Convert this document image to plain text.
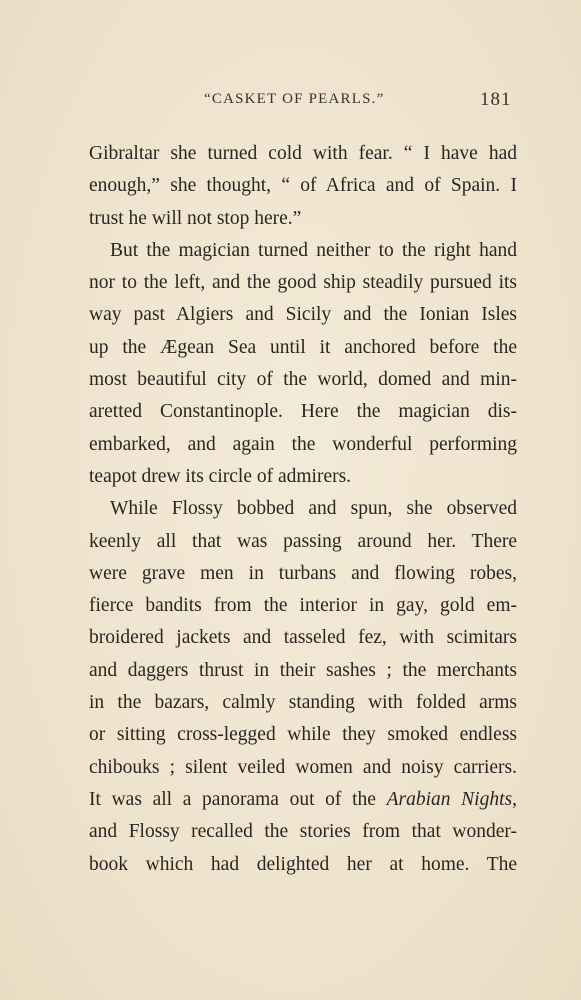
“CASKET OF PEARLS.”	181
Gibraltar she turned cold with fear. “ I have had
enough,” she thought, “ of Africa and of Spain. I
trust he will not stop here.”
But the magician turned neither to the right hand
nor to the left, and the good ship steadily pursued its
way past Algiers and Sicily and the Ionian Isles
up the Ægean Sea until it anchored before the
most beautiful city of the world, domed and min-
aretted Constantinople. Here the magician dis-
embarked, and again the wonderful performing
teapot drew its circle of admirers.
While Flossy bobbed and spun, she observed
keenly all that was passing around her. There
were grave men in turbans and flowing robes,
fierce bandits from the interior in gay, gold em-
broidered jackets and tasseled fez, with scimitars
and daggers thrust in their sashes ; the merchants
in the bazars, calmly standing with folded arms
or sitting cross-legged while they smoked endless
chibouks ; silent veiled women and noisy carriers.
It was all a panorama out of the Arabian Nights,
and Flossy recalled the stories from that wonder-
book which had delighted her at home. The
